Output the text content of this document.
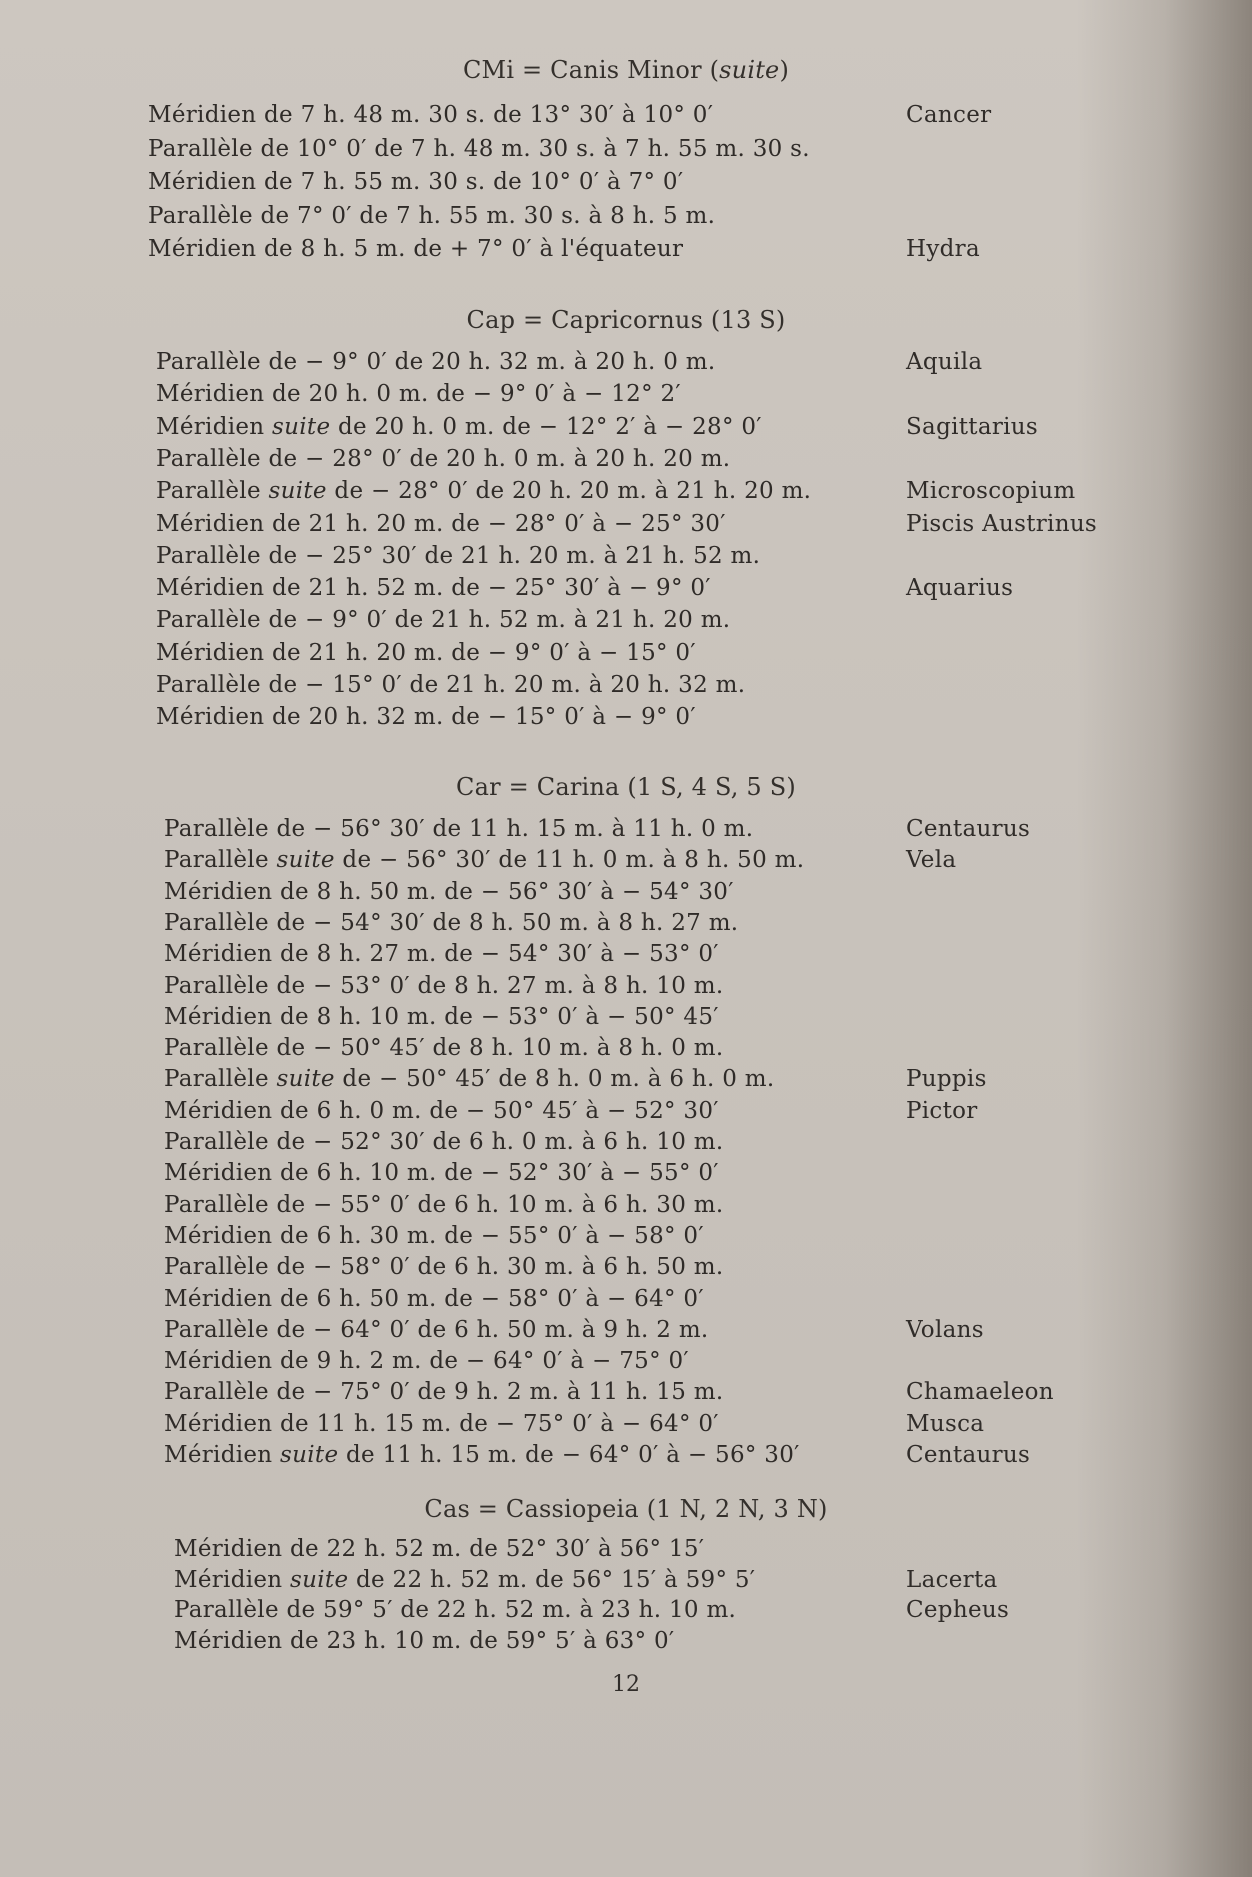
CMi = Canis Minor (suite)
Méridien de 7 h. 48 m. 30 s. de 13° 30′ à 10° 0′	Cancer
Parallèle de 10° 0′ de 7 h. 48 m. 30 s. à 7 h. 55 m. 30 s.
Méridien de 7 h. 55 m. 30 s. de 10° 0′ à 7° 0′
Parallèle de 7° 0′ de 7 h. 55 m. 30 s. à 8 h. 5 m.
Méridien de 8 h. 5 m. de + 7° 0′ à l'équateur	Hydra
Cap = Capricornus (13 S)
Parallèle de − 9° 0′ de 20 h. 32 m. à 20 h. 0 m.	Aquila
Méridien de 20 h. 0 m. de − 9° 0′ à − 12° 2′
Méridien suite de 20 h. 0 m. de − 12° 2′ à − 28° 0′	Sagittarius
Parallèle de − 28° 0′ de 20 h. 0 m. à 20 h. 20 m.
Parallèle suite de − 28° 0′ de 20 h. 20 m. à 21 h. 20 m.	Microscopium
Méridien de 21 h. 20 m. de − 28° 0′ à − 25° 30′	Piscis Austrinus
Parallèle de − 25° 30′ de 21 h. 20 m. à 21 h. 52 m.
Méridien de 21 h. 52 m. de − 25° 30′ à − 9° 0′	Aquarius
Parallèle de − 9° 0′ de 21 h. 52 m. à 21 h. 20 m.
Méridien de 21 h. 20 m. de − 9° 0′ à − 15° 0′
Parallèle de − 15° 0′ de 21 h. 20 m. à 20 h. 32 m.
Méridien de 20 h. 32 m. de − 15° 0′ à − 9° 0′
Car = Carina (1 S, 4 S, 5 S)
Parallèle de − 56° 30′ de 11 h. 15 m. à 11 h. 0 m.	Centaurus
Parallèle suite de − 56° 30′ de 11 h. 0 m. à 8 h. 50 m.	Vela
Méridien de 8 h. 50 m. de − 56° 30′ à − 54° 30′
Parallèle de − 54° 30′ de 8 h. 50 m. à 8 h. 27 m.
Méridien de 8 h. 27 m. de − 54° 30′ à − 53° 0′
Parallèle de − 53° 0′ de 8 h. 27 m. à 8 h. 10 m.
Méridien de 8 h. 10 m. de − 53° 0′ à − 50° 45′
Parallèle de − 50° 45′ de 8 h. 10 m. à 8 h. 0 m.
Parallèle suite de − 50° 45′ de 8 h. 0 m. à 6 h. 0 m.	Puppis
Méridien de 6 h. 0 m. de − 50° 45′ à − 52° 30′	Pictor
Parallèle de − 52° 30′ de 6 h. 0 m. à 6 h. 10 m.
Méridien de 6 h. 10 m. de − 52° 30′ à − 55° 0′
Parallèle de − 55° 0′ de 6 h. 10 m. à 6 h. 30 m.
Méridien de 6 h. 30 m. de − 55° 0′ à − 58° 0′
Parallèle de − 58° 0′ de 6 h. 30 m. à 6 h. 50 m.
Méridien de 6 h. 50 m. de − 58° 0′ à − 64° 0′
Parallèle de − 64° 0′ de 6 h. 50 m. à 9 h. 2 m.	Volans
Méridien de 9 h. 2 m. de − 64° 0′ à − 75° 0′
Parallèle de − 75° 0′ de 9 h. 2 m. à 11 h. 15 m.	Chamaeleon
Méridien de 11 h. 15 m. de − 75° 0′ à − 64° 0′	Musca
Méridien suite de 11 h. 15 m. de − 64° 0′ à − 56° 30′	Centaurus
Cas = Cassiopeia (1 N, 2 N, 3 N)
Méridien de 22 h. 52 m. de 52° 30′ à 56° 15′
Méridien suite de 22 h. 52 m. de 56° 15′ à 59° 5′	Lacerta
Parallèle de 59° 5′ de 22 h. 52 m. à 23 h. 10 m.	Cepheus
Méridien de 23 h. 10 m. de 59° 5′ à 63° 0′
12
